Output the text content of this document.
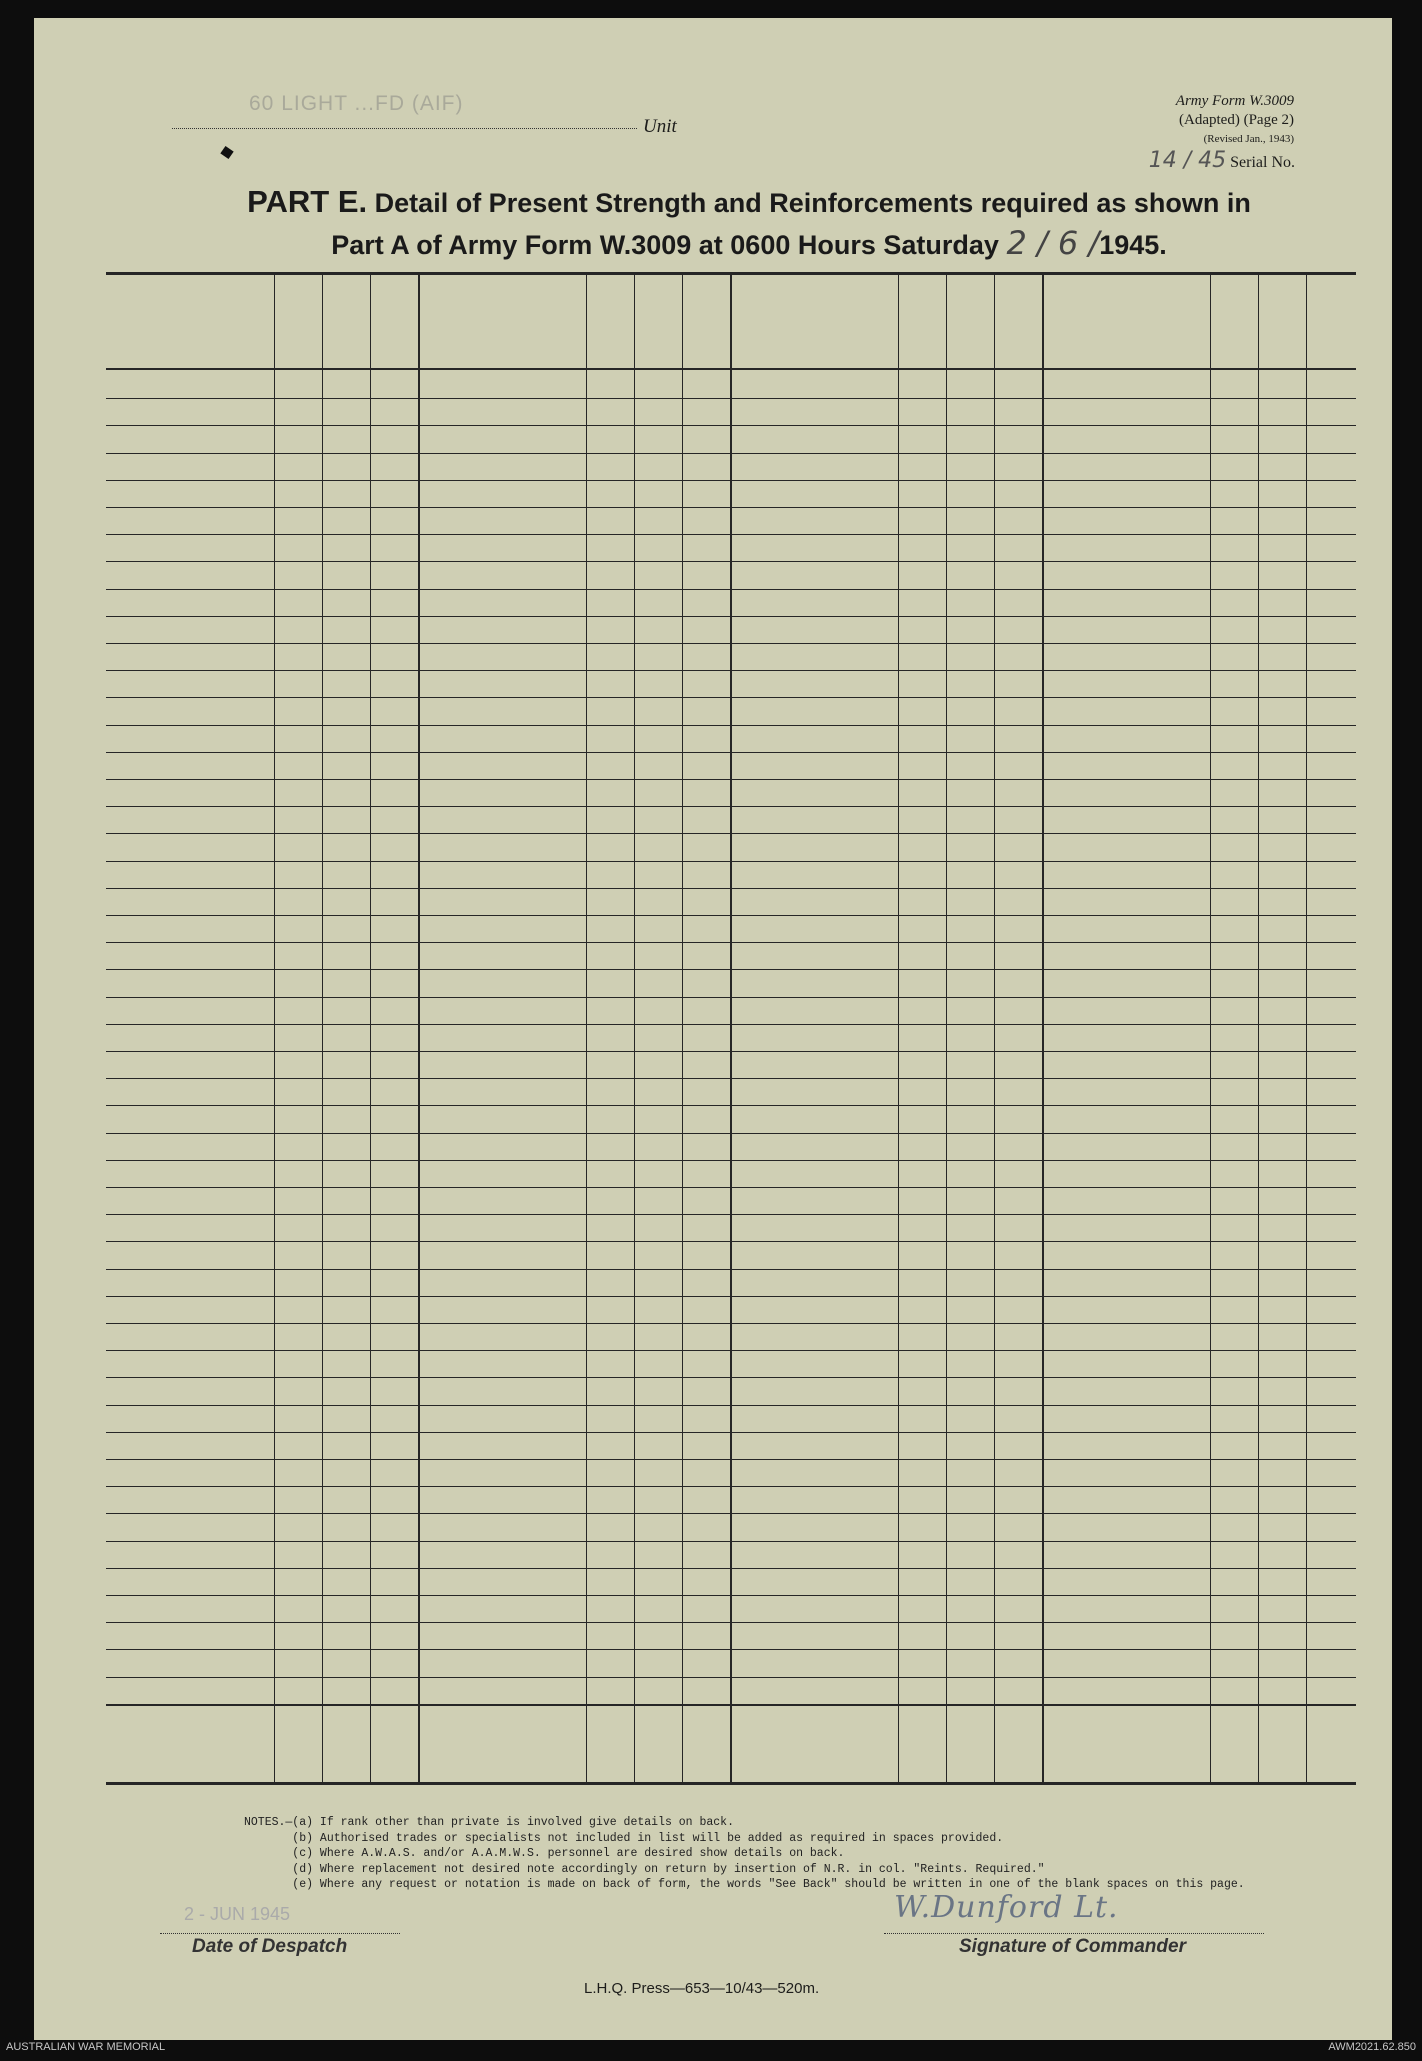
60 LIGHT ...FD (AIF)
Unit
Army Form W.3009
(Adapted) (Page 2)
(Revised Jan., 1943)
14 / 45 Serial No.
PART E. Detail of Present Strength and Reinforcements required as shown in
Part A of Army Form W.3009 at 0600 Hours Saturday 2 / 6 /1945.
NOTES.—(a) If rank other than private is involved give details on back.
(b) Authorised trades or specialists not included in list will be added as required in spaces provided.
(c) Where A.W.A.S. and/or A.A.M.W.S. personnel are desired show details on back.
(d) Where replacement not desired note accordingly on return by insertion of N.R. in col. "Reints. Required."
(e) Where any request or notation is made on back of form, the words "See Back" should be written in one of the blank spaces on this page.
2 - JUN 1945
Date of Despatch
W.Dunford Lt.
Signature of Commander
L.H.Q. Press—653—10/43—520m.
AUSTRALIAN WAR MEMORIAL	AWM2021.62.850
